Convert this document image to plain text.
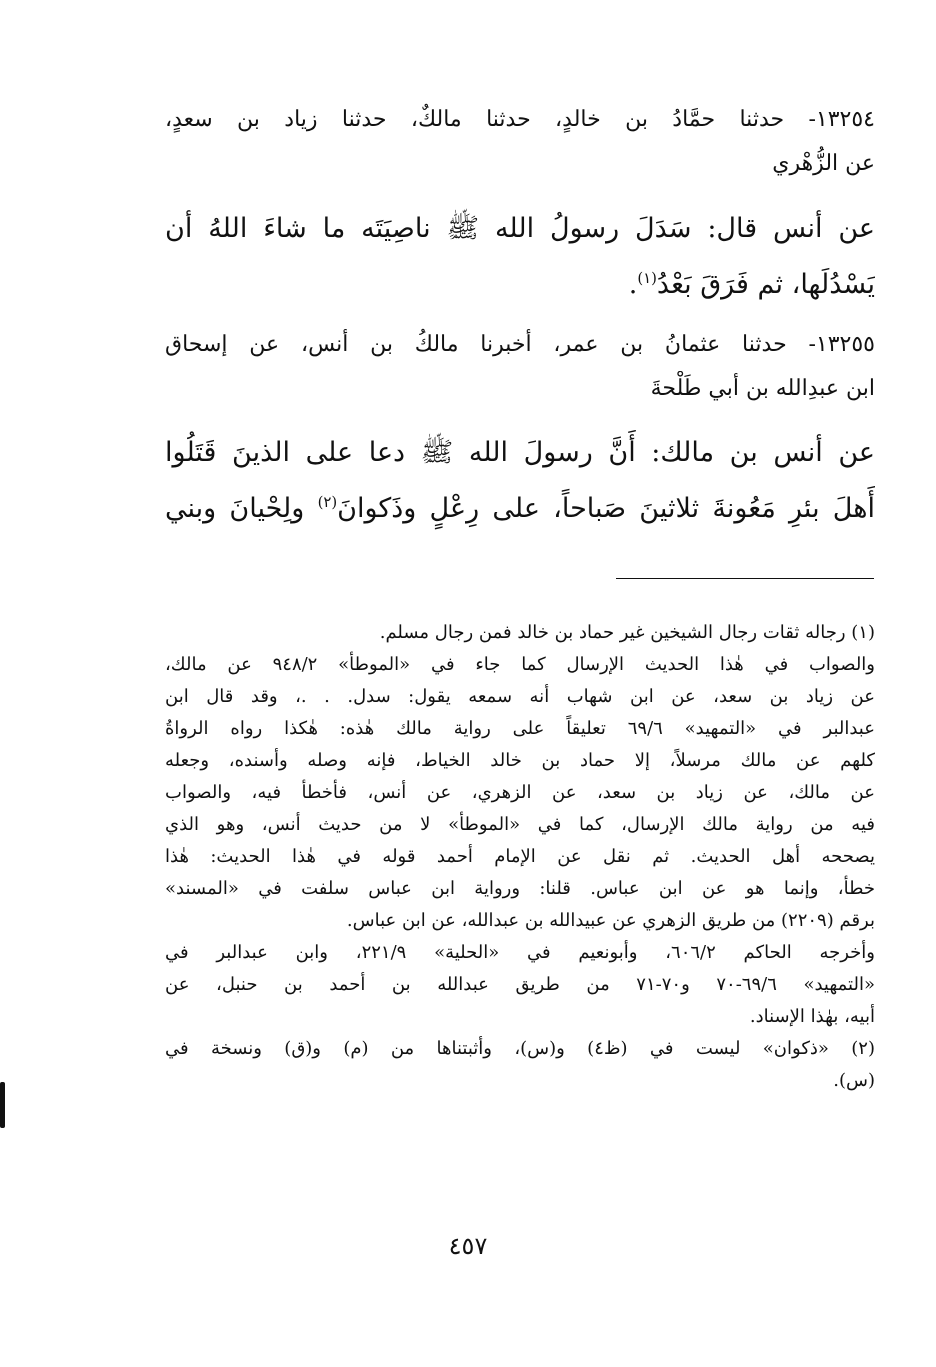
١٣٢٥٤- حدثنا حمَّادُ بن خالدٍ، حدثنا مالكٌ، حدثنا زياد بن سعدٍ،
عن الزُّهْري
عن أنس قال: سَدَلَ رسولُ الله ﷺ ناصِيَتَه ما شاءَ اللهُ أن
يَسْدُلَها، ثم فَرَقَ بَعْدُ$^{(١)}$.
١٣٢٥٥- حدثنا عثمانُ بن عمر، أخبرنا مالكُ بن أنس، عن إسحاق
ابن عبدِالله بن أبي طَلْحةَ
عن أنس بن مالك: أَنَّ رسولَ الله ﷺ دعا على الذينَ قَتَلُوا
أَهلَ بئرِ مَعُونةَ ثلاثينَ صَباحاً، على رِعْلٍ وذَكوانَ$^{(٢)}$ ولِحْيانَ وبني
(١) رجاله ثقات رجال الشيخين غير حماد بن خالد فمن رجال مسلم.
والصواب في هٰذا الحديث الإرسال كما جاء في «الموطأ» ٩٤٨/٢ عن مالك،
عن زياد بن سعد، عن ابن شهاب أنه سمعه يقول: سدل. . .، وقد قال ابن
عبدالبر في «التمهيد» ٦٩/٦ تعليقاً على رواية مالك هٰذه: هٰكذا رواه الرواةُ
كلهم عن مالك مرسلاً، إلا حماد بن خالد الخياط، فإنه وصله وأسنده، وجعله
عن مالك، عن زياد بن سعد، عن الزهري، عن أنس، فأخطأ فيه، والصواب
فيه من رواية مالك الإرسال، كما في «الموطأ» لا من حديث أنس، وهو الذي
يصححه أهل الحديث. ثم نقل عن الإمام أحمد قوله في هٰذا الحديث: هٰذا
خطأ، وإنما هو عن ابن عباس. قلنا: ورواية ابن عباس سلفت في «المسند»
برقم (٢٢٠٩) من طريق الزهري عن عبيدالله بن عبدالله، عن ابن عباس.
وأخرجه الحاكم ٦٠٦/٢، وأبونعيم في «الحلية» ٢٢١/٩، وابن عبدالبر في
«التمهيد» ٦٩/٦-٧٠ و٧٠-٧١ من طريق عبدالله بن أحمد بن حنبل، عن
أبيه، بهٰذا الإسناد.
(٢) «ذكوان» ليست في (ظ٤) و(س)، وأثبتناها من (م) و(ق) ونسخة في
(س).
٤٥٧
